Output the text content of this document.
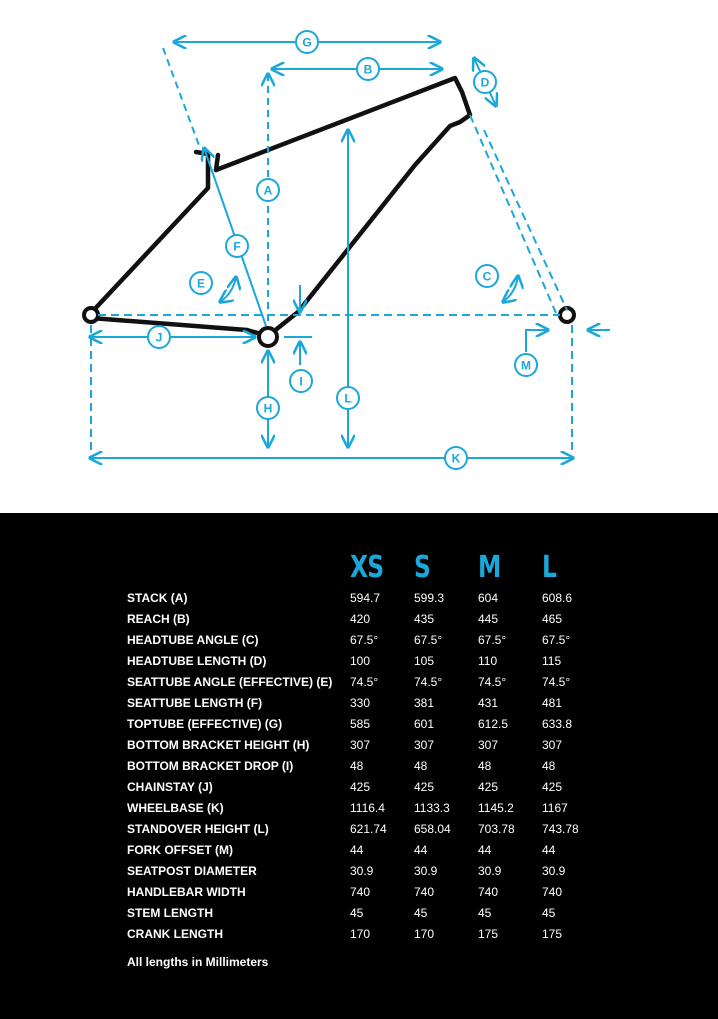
G
B
D
A
F
E	C
J
I
M
L
H
K
XS S M L
STACK (A)	594.7	599.3	604	608.6
REACH (B)	420	435	445	465
HEADTUBE ANGLE (C)	67.5°	67.5°	67.5°	67.5°
HEADTUBE LENGTH (D)	100	105	110	115
SEATTUBE ANGLE (EFFECTIVE) (E) 74.5°	74.5°	74.5°	74.5°
SEATTUBE LENGTH (F)	330	381	431	481
TOPTUBE (EFFECTIVE) (G)	585	601	612.5	633.8
BOTTOM BRACKET HEIGHT (H)	307	307	307	307
BOTTOM BRACKET DROP (I)	48	48	48	48
CHAINSTAY (J)	425	425	425	425
WHEELBASE (K)	1116.4 1133.3 1145.2 1167
STANDOVER HEIGHT (L)	621.74 658.04 703.78 743.78
FORK OFFSET (M)	44	44	44	44
SEATPOST DIAMETER	30.9	30.9	30.9	30.9
HANDLEBAR WIDTH	740	740	740	740
STEM LENGTH	45	45	45	45
CRANK LENGTH	170	170	175	175
All lengths in Millimeters
